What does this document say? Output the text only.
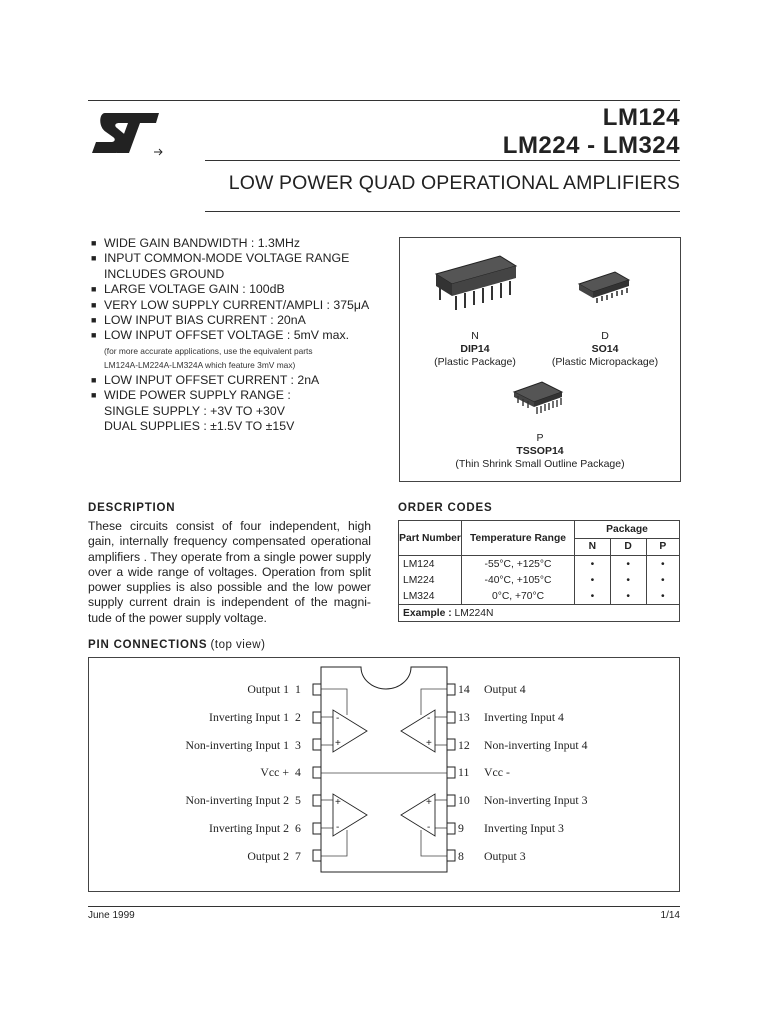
LM124
LM224 - LM324
LOW POWER QUAD OPERATIONAL AMPLIFIERS
■ WIDE GAIN BANDWIDTH : 1.3MHz
■ INPUT COMMON-MODE VOLTAGE RANGE
INCLUDES GROUND
■ LARGE VOLTAGE GAIN : 100dB
■ VERY LOW SUPPLY CURRENT/AMPLI : 375μA
■ LOW INPUT BIAS CURRENT : 20nA
■ LOW INPUT OFFSET VOLTAGE : 5mV max.
(for more accurate applications, use the equivalent parts
LM124A-LM224A-LM324A which feature 3mV max)
■ LOW INPUT OFFSET CURRENT : 2nA
■ WIDE POWER SUPPLY RANGE :
SINGLE SUPPLY : +3V TO +30V
DUAL SUPPLIES : ±1.5V TO ±15V
N
DIP14
(Plastic Package)
D
SO14
(Plastic Micropackage)
P
TSSOP14
(Thin Shrink Small Outline Package)
DESCRIPTION
These circuits consist of four independent, high gain, internally frequency compensated operational amplifiers . They operate from a single power supply over a wide range of voltages. Operation from split power supplies is also possible and the low power supply current drain is independent of the magni-tude of the power supply voltage.
ORDER CODES
Part Number	Temperature Range	Package		
		N	D	P
LM124	-55°C, +125°C	•	•	•
LM224	-40°C, +105°C	•	•	•
LM324	0°C, +70°C	•	•	•
Example : LM224N				
PIN CONNECTIONS (top view)
-
+
-
+
+
-
+
-
Output 1 1
Inverting Input 1 2
Non-inverting Input 1 3
Vcc + 4
Non-inverting Input 2 5
Inverting Input 2 6
Output 2 7
14 Output 4
13 Inverting Input 4
12 Non-inverting Input 4
11 Vcc -
10 Non-inverting Input 3
9 Inverting Input 3
8 Output 3
June 1999	1/14
